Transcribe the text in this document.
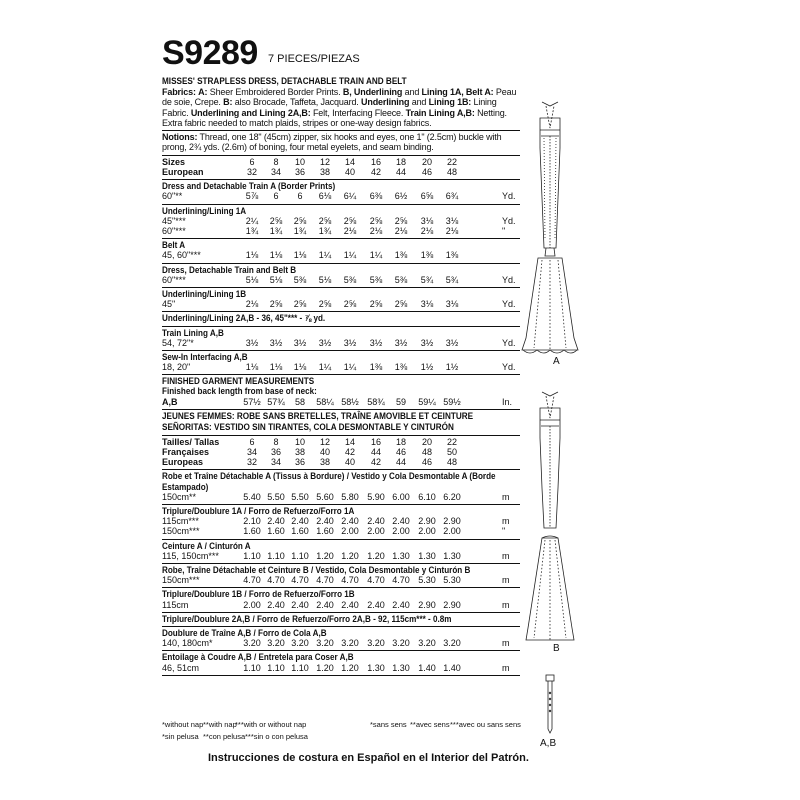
S9289 7 PIECES/PIEZAS
MISSES' STRAPLESS DRESS, DETACHABLE TRAIN AND BELT
Fabrics: A: Sheer Embroidered Border Prints. B, Underlining and Lining 1A, Belt A: Peau de soie, Crepe. B: also Brocade, Taffeta, Jacquard. Underlining and Lining 1B: Lining Fabric. Underlining and Lining 2A,B: Felt, Interfacing Fleece. Train Lining A,B: Netting. Extra fabric needed to match plaids, stripes or one-way design fabrics.
Notions: Thread, one 18" (45cm) zipper, six hooks and eyes, one 1" (2.5cm) buckle with prong, 2¾ yds. (2.6m) of boning, four metal eyelets, and seam binding.
Sizes	6	8	10	12	14	16	18	20	22
European	32	34	36	38	40	42	44	46	48
Dress and Detachable Train A (Border Prints)
60"**	5⅞	6	6	6⅛	6¼	6⅜	6½	6⅝	6¾	Yd.
Underlining/Lining 1A
45"***	2¼	2⅝	2⅝	2⅝	2⅝	2⅝	2⅝	3⅛	3⅛	Yd.
60"***	1¾	1¾	1¾	1¾	2⅛	2⅛	2⅛	2⅛	2⅛	"
Belt A
45, 60"***	1⅛	1⅛	1⅛	1¼	1¼	1¼	1⅜	1⅜	1⅜
Dress, Detachable Train and Belt B
60"***	5⅛	5⅛	5⅜	5⅛	5⅜	5⅜	5⅜	5¾	5¾	Yd.
Underlining/Lining 1B
45"	2⅛	2⅝	2⅝	2⅝	2⅝	2⅝	2⅝	3⅛	3⅛	Yd.
Underlining/Lining 2A,B - 36, 45"*** - ⅞ yd.
Train Lining A,B
54, 72"*	3½	3½	3½	3½	3½	3½	3½	3½	3½	Yd.
Sew-In Interfacing A,B
18, 20"	1⅛	1⅛	1⅛	1¼	1¼	1⅜	1⅜	1½	1½	Yd.
FINISHED GARMENT MEASUREMENTS
Finished back length from base of neck:
A,B	57½ 57¾	58	58¼ 58½ 58¾	59	59¼ 59½	In.
JEUNES FEMMES: ROBE SANS BRETELLES, TRAÎNE AMOVIBLE ET CEINTURE
SEÑORITAS: VESTIDO SIN TIRANTES, COLA DESMONTABLE Y CINTURÓN
Tailles/ Tallas	6	8	10	12	14	16	18	20	22
Françaises	34	36	38	40	42	44	46	48	50
Europeas	32	34	36	38	40	42	44	46	48
Robe et Traîne Détachable A (Tissus à Bordure) / Vestido y Cola Desmontable A (Borde
Estampado)
150cm**	5.40 5.50 5.50 5.60 5.80 5.90 6.00 6.10 6.20	m
Triplure/Doublure 1A / Forro de Refuerzo/Forro 1A
115cm***	2.10 2.40 2.40 2.40 2.40 2.40 2.40 2.90 2.90	m
150cm***	1.60 1.60 1.60 1.60 2.00 2.00 2.00 2.00 2.00	"
Ceinture A / Cinturón A
115, 150cm***	1.10 1.10 1.10 1.20 1.20 1.20 1.30 1.30 1.30	m
Robe, Traîne Détachable et Ceinture B / Vestido, Cola Desmontable y Cinturón B
150cm***	4.70 4.70 4.70 4.70 4.70 4.70 4.70 5.30 5.30	m
Triplure/Doublure 1B / Forro de Refuerzo/Forro 1B
115cm	2.00 2.40 2.40 2.40 2.40 2.40 2.40 2.90 2.90	m
Triplure/Doublure 2A,B / Forro de Refuerzo/Forro 2A,B - 92, 115cm*** - 0.8m
Doublure de Traîne A,B / Forro de Cola A,B
140, 180cm*	3.20 3.20 3.20 3.20 3.20 3.20 3.20 3.20 3.20	m
Entoilage à Coudre A,B / Entretela para Coser A,B
46, 51cm	1.10 1.10 1.10 1.20 1.20 1.30 1.30 1.40 1.40	m
A
B
A,B
*without nap **with nap
***with or without nap	*sans sens **avec sens ***avec ou sans sens
*sin pelusa **con pelusa ***sin o con pelusa
Instrucciones de costura en Español en el Interior del Patrón.
